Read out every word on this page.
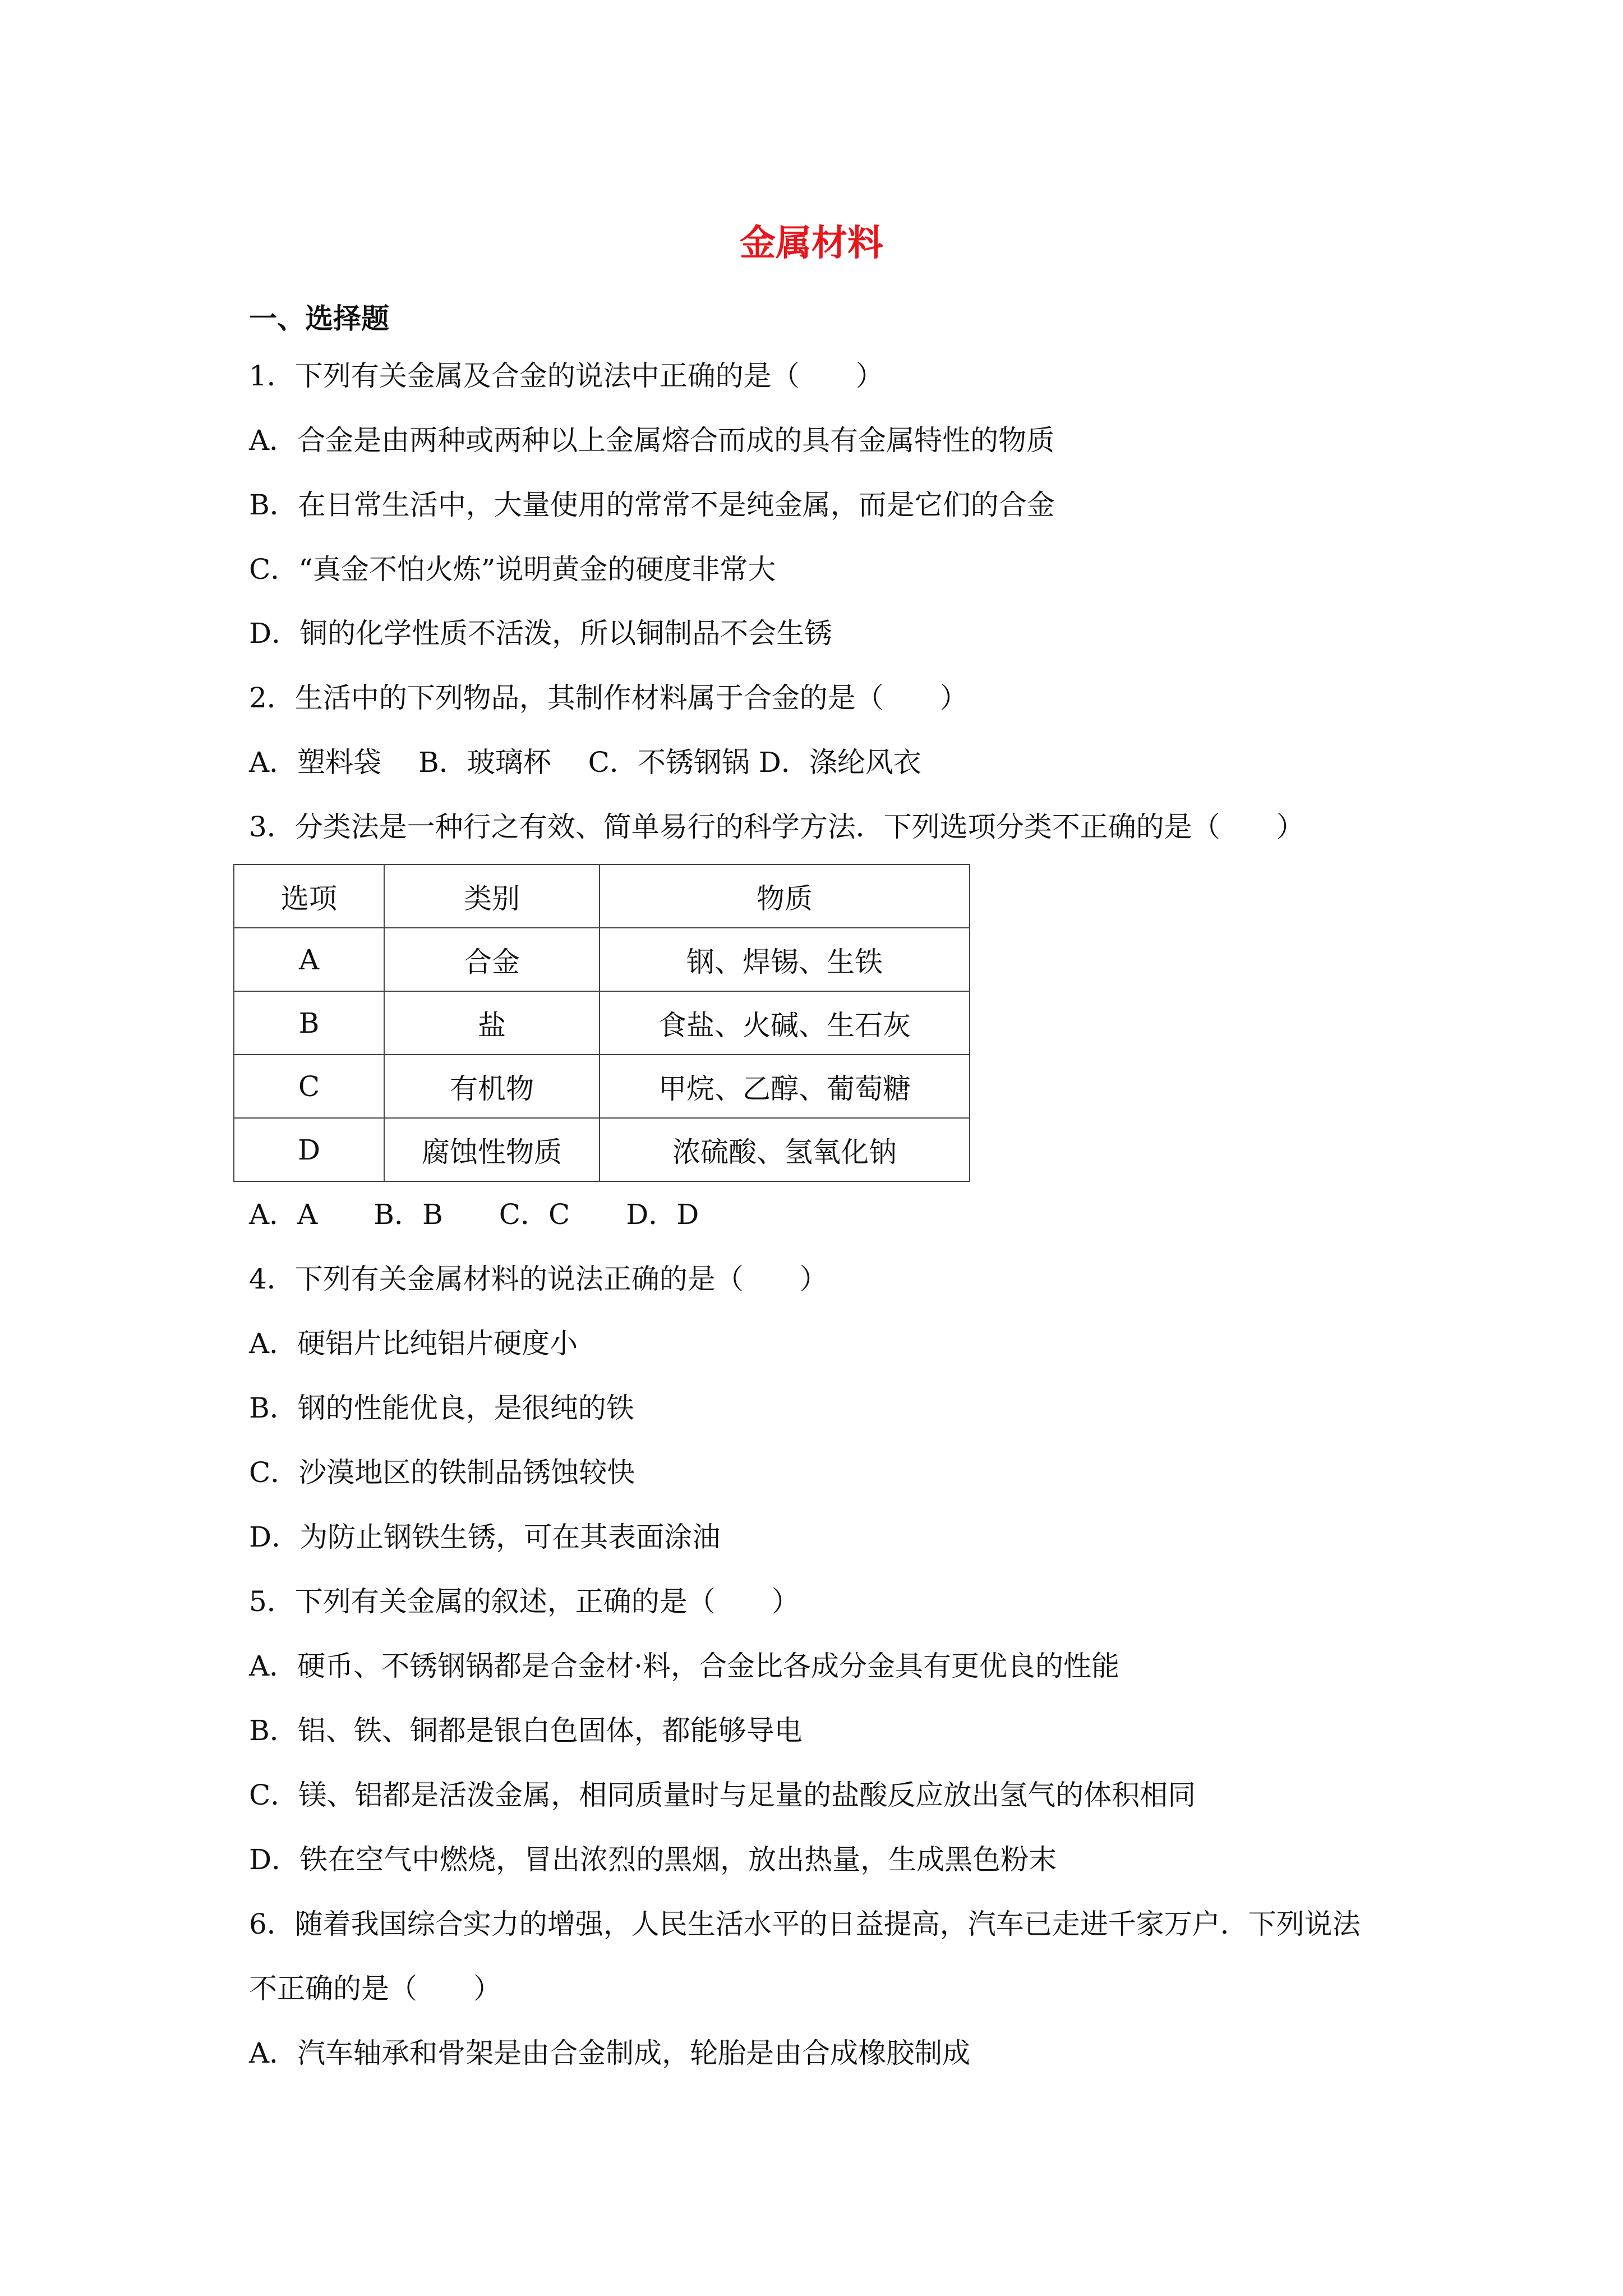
金属材料
一、选择题
1．下列有关金属及合金的说法中正确的是（　　）
A．合金是由两种或两种以上金属熔合而成的具有金属特性的物质
B．在日常生活中，大量使用的常常不是纯金属，而是它们的合金
C．“真金不怕火炼”说明黄金的硬度非常大
D．铜的化学性质不活泼，所以铜制品不会生锈
2．生活中的下列物品，其制作材料属于合金的是（　　）
A．塑料袋　 B．玻璃杯　 C．不锈钢锅 D．涤纶风衣
3．分类法是一种行之有效、简单易行的科学方法．下列选项分类不正确的是（　　）
选项	类别	物质
A	合金	钢、焊锡、生铁
B	盐	食盐、火碱、生石灰
C	有机物	甲烷、乙醇、葡萄糖
D	腐蚀性物质	浓硫酸、氢氧化钠
A．A　　B．B　　C．C　　D．D
4．下列有关金属材料的说法正确的是（　　）
A．硬铝片比纯铝片硬度小
B．钢的性能优良，是很纯的铁
C．沙漠地区的铁制品锈蚀较快
D．为防止钢铁生锈，可在其表面涂油
5．下列有关金属的叙述，正确的是（　　）
A．硬币、不锈钢锅都是合金材·料，合金比各成分金具有更优良的性能
B．铝、铁、铜都是银白色固体，都能够导电
C．镁、铝都是活泼金属，相同质量时与足量的盐酸反应放出氢气的体积相同
D．铁在空气中燃烧，冒出浓烈的黑烟，放出热量，生成黑色粉末
6．随着我国综合实力的增强，人民生活水平的日益提高，汽车已走进千家万户．下列说法
不正确的是（　　）
A．汽车轴承和骨架是由合金制成，轮胎是由合成橡胶制成
